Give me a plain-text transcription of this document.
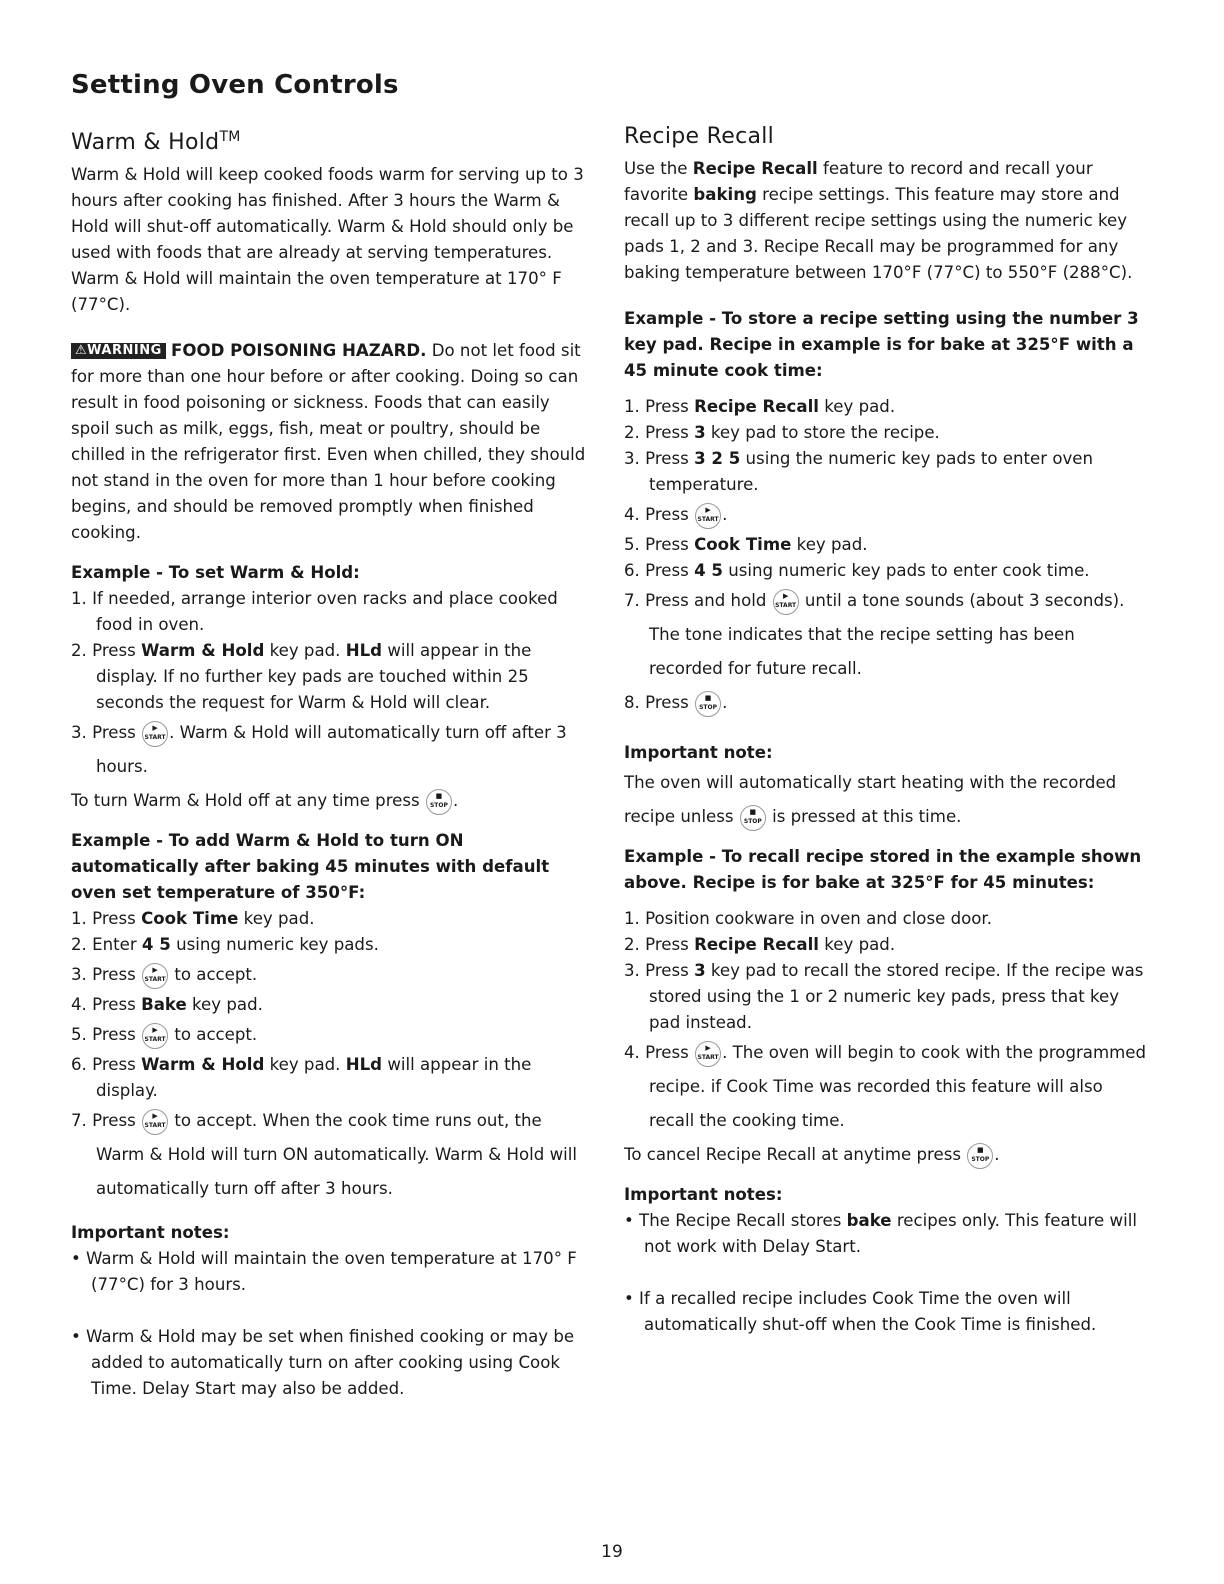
Setting Oven Controls
Warm & Hold™

Warm & Hold will keep cooked foods warm for serving up to 3 hours after cooking has finished. After 3 hours the Warm & Hold will shut-off automatically. Warm & Hold should only be used with foods that are already at serving temperatures. Warm & Hold will maintain the oven temperature at 170° F (77°C).

⚠WARNING FOOD POISONING HAZARD. Do not let food sit for more than one hour before or after cooking. Doing so can result in food poisoning or sickness. Foods that can easily spoil such as milk, eggs, fish, meat or poultry, should be chilled in the refrigerator first. Even when chilled, they should not stand in the oven for more than 1 hour before cooking begins, and should be removed promptly when finished cooking.

Example - To set Warm & Hold:

1. If needed, arrange interior oven racks and place cooked food in oven.
2. Press Warm & Hold key pad. HLd will appear in the display. If no further key pads are touched within 25 seconds the request for Warm & Hold will clear.
3. Press	▶
START . Warm & Hold will automatically turn off after 3 hours.

To turn Warm & Hold off at any time press	■
STOP .

Example - To add Warm & Hold to turn ON automatically after baking 45 minutes with default oven set temperature of 350°F:

1. Press Cook Time key pad.
2. Enter 4 5 using numeric key pads.
3. Press	▶
START to accept.
4. Press Bake key pad.
5. Press	▶
START to accept.
6. Press Warm & Hold key pad. HLd will appear in the display.
7. Press	▶
START to accept. When the cook time runs out, the Warm & Hold will turn ON automatically. Warm & Hold will automatically turn off after 3 hours.

Important notes:

• Warm & Hold will maintain the oven temperature at 170° F (77°C) for 3 hours.
• Warm & Hold may be set when finished cooking or may be added to automatically turn on after cooking using Cook Time. Delay Start may also be added.
Recipe Recall

Use the Recipe Recall feature to record and recall your favorite baking recipe settings. This feature may store and recall up to 3 different recipe settings using the numeric key pads 1, 2 and 3. Recipe Recall may be programmed for any baking temperature between 170°F (77°C) to 550°F (288°C).

Example - To store a recipe setting using the number 3 key pad. Recipe in example is for bake at 325°F with a 45 minute cook time:

1. Press Recipe Recall key pad.
2. Press 3 key pad to store the recipe.
3. Press 3 2 5 using the numeric key pads to enter oven temperature.
4. Press	▶
START .
5. Press Cook Time key pad.
6. Press 4 5 using numeric key pads to enter cook time.
7. Press and hold	▶
START until a tone sounds (about 3 seconds). The tone indicates that the recipe setting has been recorded for future recall.
8. Press	■
STOP .

Important note:

The oven will automatically start heating with the recorded recipe unless	■
STOP is pressed at this time.

Example - To recall recipe stored in the example shown above. Recipe is for bake at 325°F for 45 minutes:

1. Position cookware in oven and close door.
2. Press Recipe Recall key pad.
3. Press 3 key pad to recall the stored recipe. If the recipe was stored using the 1 or 2 numeric key pads, press that key pad instead.
4. Press	▶
START . The oven will begin to cook with the programmed recipe. if Cook Time was recorded this feature will also recall the cooking time.

To cancel Recipe Recall at anytime press	■
STOP .

Important notes:

• The Recipe Recall stores bake recipes only. This feature will not work with Delay Start.
• If a recalled recipe includes Cook Time the oven will automatically shut-off when the Cook Time is finished.
19
